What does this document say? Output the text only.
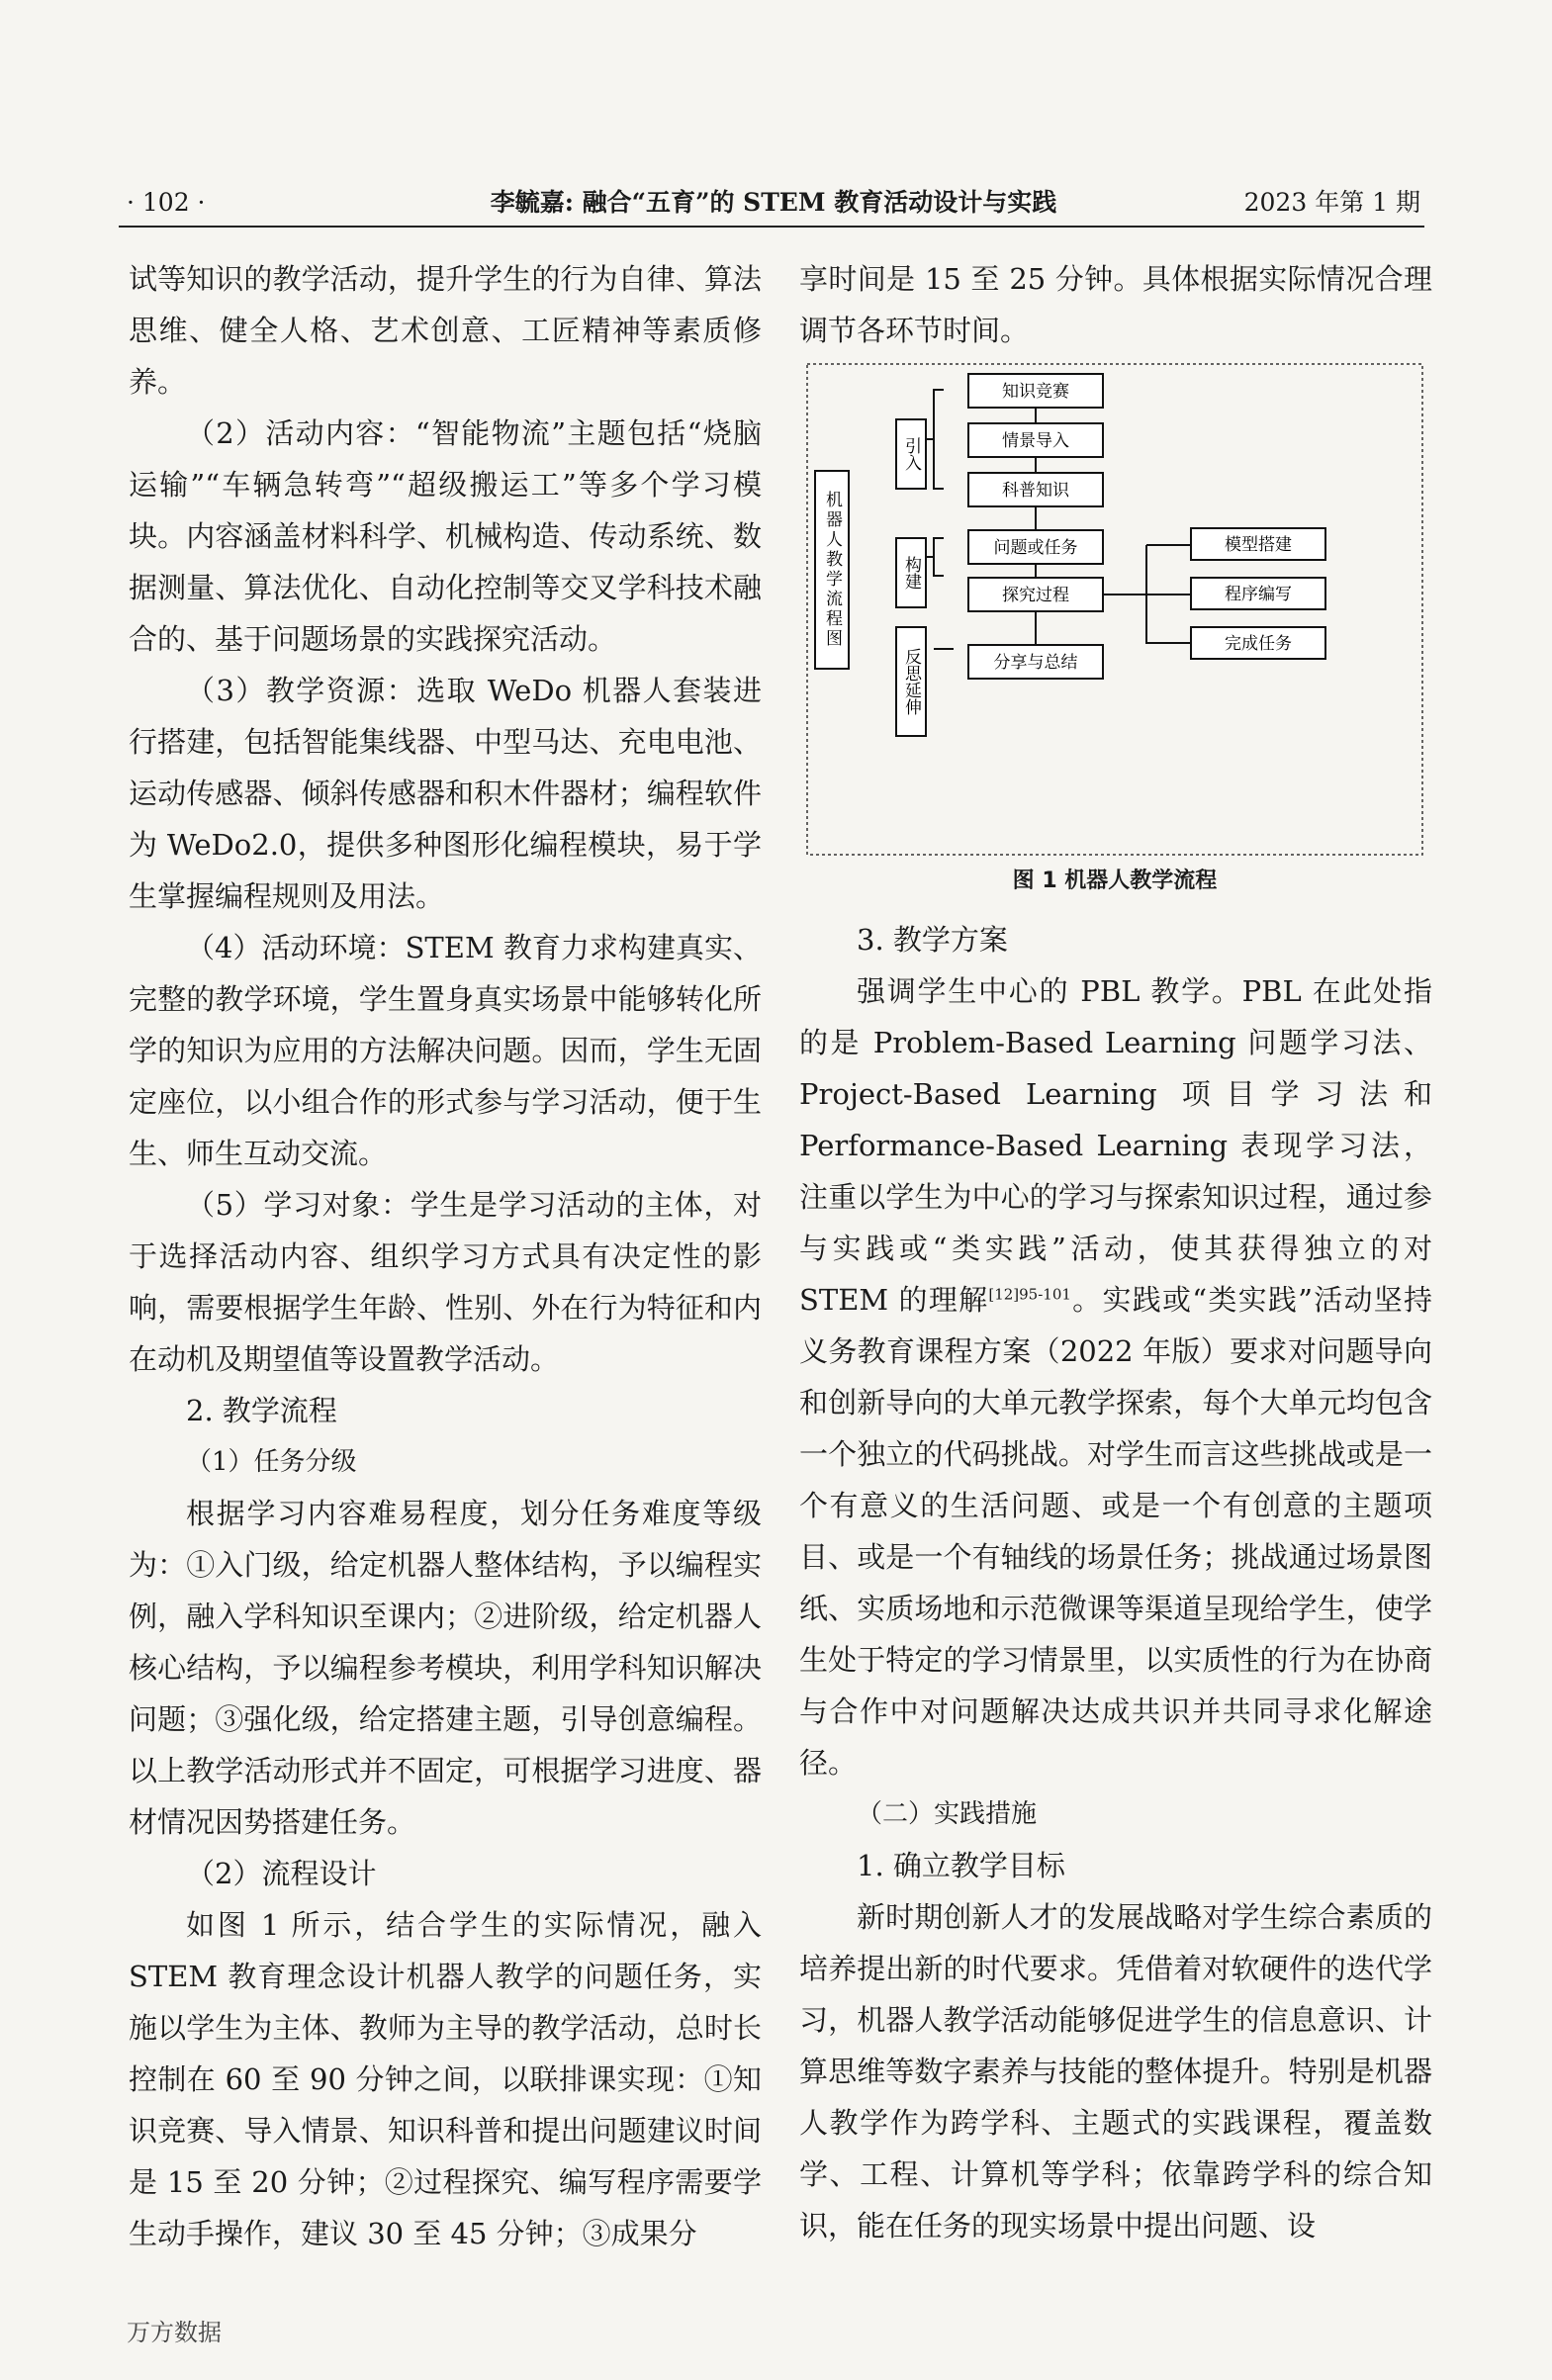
· 102 ·	李毓嘉: 融合“五育”的 STEM 教育活动设计与实践	2023 年第 1 期

试等知识的教学活动，提升学生的行为自律、算法思维、健全人格、艺术创意、工匠精神等素质修养。

（2）活动内容：“智能物流”主题包括“烧脑运输”“车辆急转弯”“超级搬运工”等多个学习模块。内容涵盖材料科学、机械构造、传动系统、数据测量、算法优化、自动化控制等交叉学科技术融合的、基于问题场景的实践探究活动。

（3）教学资源：选取 WeDo 机器人套装进行搭建，包括智能集线器、中型马达、充电电池、运动传感器、倾斜传感器和积木件器材；编程软件为 WeDo2.0，提供多种图形化编程模块，易于学生掌握编程规则及用法。

（4）活动环境：STEM 教育力求构建真实、完整的教学环境，学生置身真实场景中能够转化所学的知识为应用的方法解决问题。因而，学生无固定座位，以小组合作的形式参与学习活动，便于生生、师生互动交流。

（5）学习对象：学生是学习活动的主体，对于选择活动内容、组织学习方式具有决定性的影响，需要根据学生年龄、性别、外在行为特征和内在动机及期望值等设置教学活动。

2. 教学流程

（1）任务分级

根据学习内容难易程度，划分任务难度等级为：①入门级，给定机器人整体结构，予以编程实例，融入学科知识至课内；②进阶级，给定机器人核心结构，予以编程参考模块，利用学科知识解决问题；③强化级，给定搭建主题，引导创意编程。以上教学活动形式并不固定，可根据学习进度、器材情况因势搭建任务。

（2）流程设计

如图 1 所示，结合学生的实际情况，融入 STEM 教育理念设计机器人教学的问题任务，实施以学生为主体、教师为主导的教学活动，总时长控制在 60 至 90 分钟之间，以联排课实现：①知识竞赛、导入情景、知识科普和提出问题建议时间是 15 至 20 分钟；②过程探究、编写程序需要学生动手操作，建议 30 至 45 分钟；③成果分

享时间是 15 至 25 分钟。具体根据实际情况合理调节各环节时间。

机器人教学流程图
引入
构建
反思延伸
知识竞赛
情景导入
科普知识
问题或任务
探究过程
分享与总结
模型搭建
程序编写
完成任务
图 1 机器人教学流程

3. 教学方案

强调学生中心的 PBL 教学。PBL 在此处指的是 Problem-Based Learning 问题学习法、Project-Based Learning 项目学习法和 Performance-Based Learning 表现学习法，注重以学生为中心的学习与探索知识过程，通过参与实践或“类实践”活动，使其获得独立的对 STEM 的理解$^{[12]95-101}$。实践或“类实践”活动坚持义务教育课程方案（2022 年版）要求对问题导向和创新导向的大单元教学探索，每个大单元均包含一个独立的代码挑战。对学生而言这些挑战或是一个有意义的生活问题、或是一个有创意的主题项目、或是一个有轴线的场景任务；挑战通过场景图纸、实质场地和示范微课等渠道呈现给学生，使学生处于特定的学习情景里，以实质性的行为在协商与合作中对问题解决达成共识并共同寻求化解途径。

（二）实践措施

1. 确立教学目标

新时期创新人才的发展战略对学生综合素质的培养提出新的时代要求。凭借着对软硬件的迭代学习，机器人教学活动能够促进学生的信息意识、计算思维等数字素养与技能的整体提升。特别是机器人教学作为跨学科、主题式的实践课程，覆盖数学、工程、计算机等学科；依靠跨学科的综合知识，能在任务的现实场景中提出问题、设

万方数据
